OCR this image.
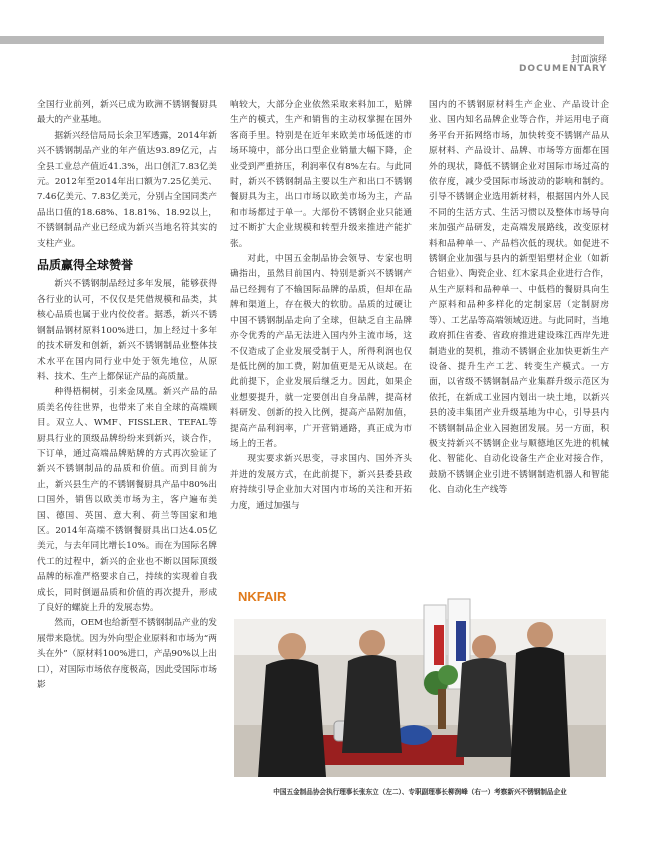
封面演绎
DOCUMENTARY

全国行业前列，新兴已成为欧洲不锈钢餐厨具最大的产业基地。

据新兴经信局局长余卫军透露，2014年新兴不锈钢制品产业的年产值达93.89亿元，占全县工业总产值近41.3%，出口创汇7.83亿美元。2012年至2014年出口额为7.25亿美元、7.46亿美元、7.83亿美元，分别占全国同类产品出口值的18.68%、18.81%、18.92以上，不锈钢制品产业已经成为新兴当地名符其实的支柱产业。

品质赢得全球赞誉

新兴不锈钢制品经过多年发展，能够获得各行业的认可，不仅仅是凭借规模和品类，其核心品质也属于业内佼佼者。据悉，新兴不锈钢制品钢材原料100%进口，加上经过十多年的技术研发和创新，新兴不锈钢制品业整体技术水平在国内同行业中处于领先地位，从原料、技术、生产上都保证产品的高质量。

种得梧桐树，引来金凤凰。新兴产品的品质美名传往世界，也带来了来自全球的高端顾目。双立人、WMF、FISSLER、TEFAL等厨具行业的顶级品牌纷纷来到新兴，谈合作，下订单，通过高端品牌贴牌的方式再次验证了新兴不锈钢制品的品质和价值。而到目前为止，新兴县生产的不锈钢餐厨具产品中80%出口国外，销售以欧美市场为主，客户遍布美国、德国、英国、意大利、荷兰等国家和地区。2014年高端不锈钢餐厨具出口达4.05亿美元，与去年同比增长10%。而在为国际名牌代工的过程中，新兴的企业也不断以国际顶级品牌的标准严格要求自己，持续的实现着自我成长，同时倒逼品质和价值的再次提升，形成了良好的螺旋上升的发展态势。

然而，OEM也给新型不锈钢制品产业的发展带来隐忧。因为外向型企业原料和市场为“两头在外”（原材料100%进口，产品90%以上出口），对国际市场依存度极高，因此受国际市场影

响较大，大部分企业依然采取来料加工，贴牌生产的模式，生产和销售的主动权掌握在国外客商手里。特别是在近年来欧美市场低迷的市场环境中，部分出口型企业销量大幅下降，企业受到严重挤压，利润率仅有8%左右。与此同时，新兴不锈钢制品主要以生产和出口不锈钢餐厨具为主，出口市场以欧美市场为主，产品和市场都过于单一。大部份不锈钢企业只能通过不断扩大企业规模和转型升级来推进产能扩张。

对此，中国五金制品协会领导、专家也明确指出，虽然目前国内、特别是新兴不锈钢产品已经拥有了不输国际品牌的品质，但却在品牌和渠道上，存在极大的软肋。品质的过硬让中国不锈钢制品走向了全球，但缺乏自主品牌亦令优秀的产品无法进入国内外主流市场，这不仅造成了企业发展受制于人，所得利润也仅是低比例的加工费，附加值更是无从谈起。在此前提下，企业发展后继乏力。因此，如果企业想要提升，就一定要创出自身品牌，提高材料研发、创新的投入比例，提高产品附加值，提高产品利润率，广开营销通路，真正成为市场上的王者。

现实要求新兴思变，寻求国内、国外齐头并进的发展方式，在此前提下，新兴县委县政府持续引导企业加大对国内市场的关注和开拓力度，通过加强与

国内的不锈钢原材料生产企业、产品设计企业、国内知名品牌企业等合作，并运用电子商务平台开拓网络市场，加快转变不锈钢产品从原材料、产品设计、品牌、市场等方面都在国外的现状，降低不锈钢企业对国际市场过高的依存度，减少受国际市场波动的影响和制约。引导不锈钢企业选用新材料，根据国内外人民不同的生活方式、生活习惯以及整体市场导向来加强产品研发，走高端发展路线，改变原材料和品种单一、产品档次低的现状。如促进不锈钢企业加强与县内的新型铝塑材企业（如新合铝业）、陶瓷企业、红木家具企业进行合作，从生产原料和品种单一、中低档的餐厨具向生产原料和品种多样化的定制家居（定制厨房等）、工艺品等高端领域迈进。与此同时，当地政府抓住省委、省政府推进建设珠江西岸先进制造业的契机，推动不锈钢企业加快更新生产设备、提升生产工艺、转变生产模式。一方面，以省级不锈钢制品产业集群升级示范区为依托，在新成工业园内划出一块土地，以新兴县的凌丰集团产业升级基地为中心，引导县内不锈钢制品企业入园抱团发展。另一方面，积极支持新兴不锈钢企业与顺德地区先进的机械化、智能化、自动化设备生产企业对接合作，鼓励不锈钢企业引进不锈钢制造机器人和智能化、自动化生产线等

NKFAIR
中国五金制品协会执行理事长张东立（左二）、专职副理事长柳润峰（右一）考察新兴不锈钢制品企业
